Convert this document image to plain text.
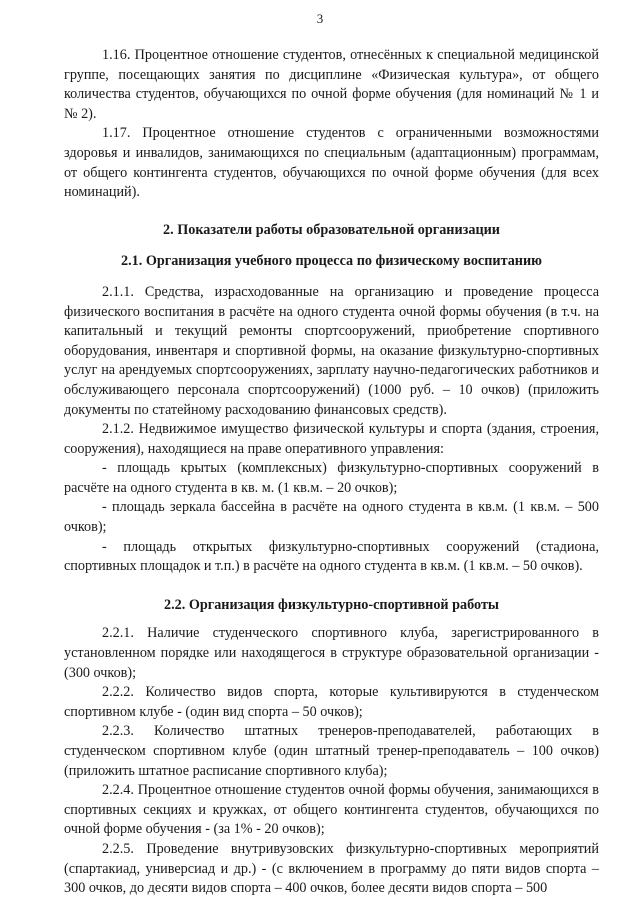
3

1.16. Процентное отношение студентов, отнесённых к специальной медицинской группе, посещающих занятия по дисциплине «Физическая культура», от общего количества студентов, обучающихся по очной форме обучения (для номинаций № 1 и № 2).

1.17. Процентное отношение студентов с ограниченными возможностями здоровья и инвалидов, занимающихся по специальным (адаптационным) программам, от общего контингента студентов, обучающихся по очной форме обучения (для всех номинаций).

2. Показатели работы образовательной организации
2.1. Организация учебного процесса по физическому воспитанию

2.1.1. Средства, израсходованные на организацию и проведение процесса физического воспитания в расчёте на одного студента очной формы обучения (в т.ч. на капитальный и текущий ремонты спортсооружений, приобретение спортивного оборудования, инвентаря и спортивной формы, на оказание физкультурно-спортивных услуг на арендуемых спортсооружениях, зарплату научно-педагогических работников и обслуживающего персонала спортсооружений) (1000 руб. – 10 очков) (приложить документы по статейному расходованию финансовых средств).

2.1.2. Недвижимое имущество физической культуры и спорта (здания, строения, сооружения), находящиеся на праве оперативного управления:

- площадь крытых (комплексных) физкультурно-спортивных сооружений в расчёте на одного студента в кв. м. (1 кв.м. – 20 очков);

- площадь зеркала бассейна в расчёте на одного студента в кв.м. (1 кв.м. – 500 очков);

- площадь открытых физкультурно-спортивных сооружений (стадиона, спортивных площадок и т.п.) в расчёте на одного студента в кв.м. (1 кв.м. – 50 очков).

2.2. Организация физкультурно-спортивной работы

2.2.1. Наличие студенческого спортивного клуба, зарегистрированного в установленном порядке или находящегося в структуре образовательной организации - (300 очков);

2.2.2. Количество видов спорта, которые культивируются в студенческом спортивном клубе - (один вид спорта – 50 очков);

2.2.3. Количество штатных тренеров-преподавателей, работающих в студенческом спортивном клубе (один штатный тренер-преподаватель – 100 очков) (приложить штатное расписание спортивного клуба);

2.2.4. Процентное отношение студентов очной формы обучения, занимающихся в спортивных секциях и кружках, от общего контингента студентов, обучающихся по очной форме обучения - (за 1% - 20 очков);

2.2.5. Проведение внутривузовских физкультурно-спортивных мероприятий (спартакиад, универсиад и др.) - (с включением в программу до пяти видов спорта – 300 очков, до десяти видов спорта – 400 очков, более десяти видов спорта – 500
